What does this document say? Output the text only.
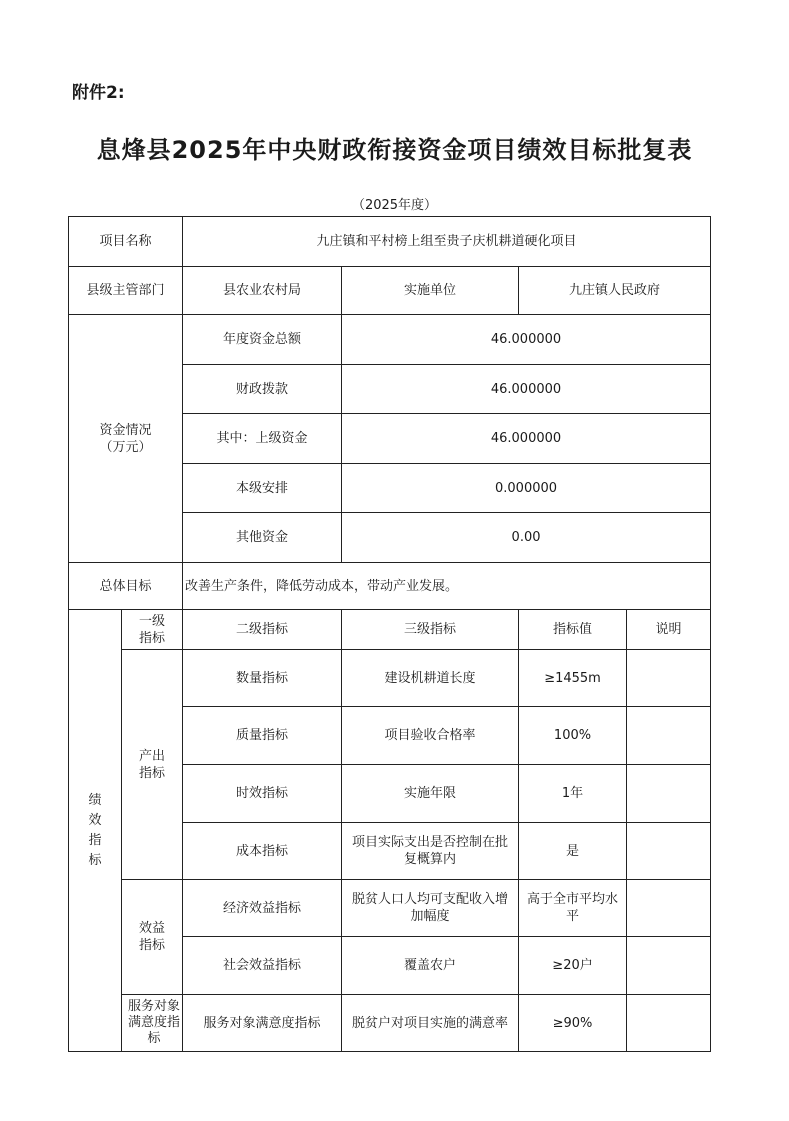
附件2:
息烽县2025年中央财政衔接资金项目绩效目标批复表
（2025年度）
项目名称		九庄镇和平村榜上组至贵子庆机耕道硬化项目			
县级主管部门		县农业农村局	实施单位	九庄镇人民政府	

资金情况
（万元）		年度资金总额	46.000000		
		财政拨款	46.000000		
		其中：上级资金	46.000000		
		本级安排	0.000000		
		其他资金	0.00		
总体目标		改善生产条件，降低劳动成本，带动产业发展。			

绩效指标	一级指标	二级指标	三级指标	指标值	说明

	产出指标	数量指标	建设机耕道长度	≥1455m	
		质量指标	项目验收合格率	100%	
		时效指标	实施年限	1年	
		成本指标	项目实际支出是否控制在批复概算内	是	

	效益指标	经济效益指标	脱贫人口人均可支配收入增加幅度	高于全市平均水平	
		社会效益指标	覆盖农户	≥20户	

	服务对象满意度指标	服务对象满意度指标	脱贫户对项目实施的满意率	≥90%	
